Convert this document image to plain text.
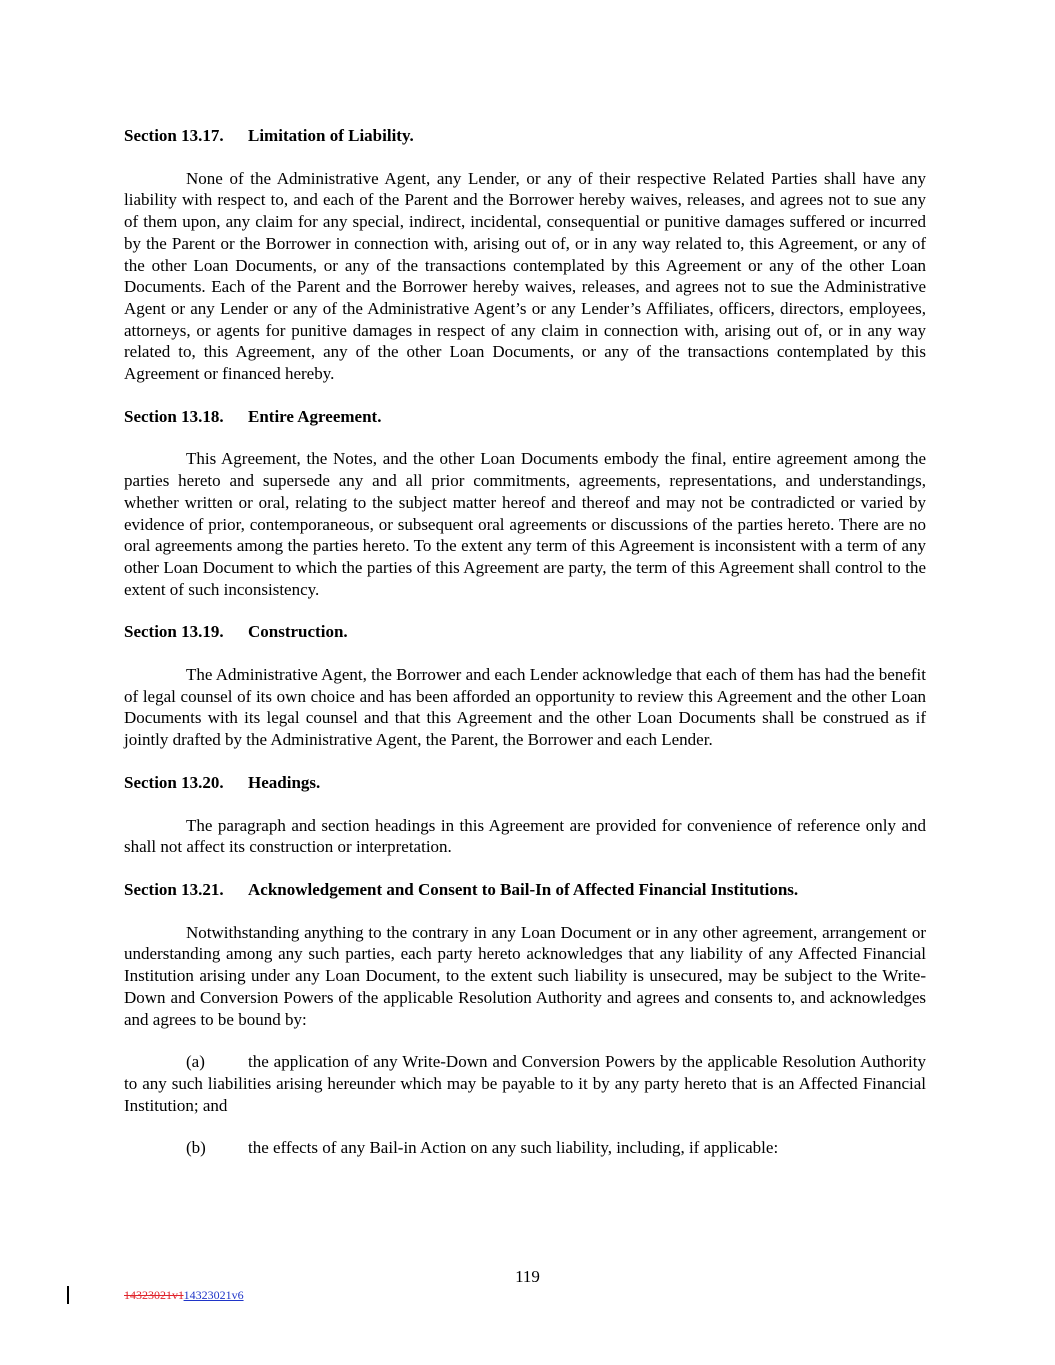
Section 13.17. Limitation of Liability.

None of the Administrative Agent, any Lender, or any of their respective Related Parties shall have any liability with respect to, and each of the Parent and the Borrower hereby waives, releases, and agrees not to sue any of them upon, any claim for any special, indirect, incidental, consequential or punitive damages suffered or incurred by the Parent or the Borrower in connection with, arising out of, or in any way related to, this Agreement, or any of the other Loan Documents, or any of the transactions contemplated by this Agreement or any of the other Loan Documents. Each of the Parent and the Borrower hereby waives, releases, and agrees not to sue the Administrative Agent or any Lender or any of the Administrative Agent’s or any Lender’s Affiliates, officers, directors, employees, attorneys, or agents for punitive damages in respect of any claim in connection with, arising out of, or in any way related to, this Agreement, any of the other Loan Documents, or any of the transactions contemplated by this Agreement or financed hereby.

Section 13.18. Entire Agreement.

This Agreement, the Notes, and the other Loan Documents embody the final, entire agreement among the parties hereto and supersede any and all prior commitments, agreements, representations, and understandings, whether written or oral, relating to the subject matter hereof and thereof and may not be contradicted or varied by evidence of prior, contemporaneous, or subsequent oral agreements or discussions of the parties hereto. There are no oral agreements among the parties hereto. To the extent any term of this Agreement is inconsistent with a term of any other Loan Document to which the parties of this Agreement are party, the term of this Agreement shall control to the extent of such inconsistency.

Section 13.19. Construction.

The Administrative Agent, the Borrower and each Lender acknowledge that each of them has had the benefit of legal counsel of its own choice and has been afforded an opportunity to review this Agreement and the other Loan Documents with its legal counsel and that this Agreement and the other Loan Documents shall be construed as if jointly drafted by the Administrative Agent, the Parent, the Borrower and each Lender.

Section 13.20. Headings.

The paragraph and section headings in this Agreement are provided for convenience of reference only and shall not affect its construction or interpretation.

Section 13.21. Acknowledgement and Consent to Bail-In of Affected Financial Institutions.

Notwithstanding anything to the contrary in any Loan Document or in any other agreement, arrangement or understanding among any such parties, each party hereto acknowledges that any liability of any Affected Financial Institution arising under any Loan Document, to the extent such liability is unsecured, may be subject to the Write-Down and Conversion Powers of the applicable Resolution Authority and agrees and consents to, and acknowledges and agrees to be bound by:

(a)	the application of any Write-Down and Conversion Powers by the applicable Resolution Authority to any such liabilities arising hereunder which may be payable to it by any party hereto that is an Affected Financial Institution; and

(b) the effects of any Bail-in Action on any such liability, including, if applicable:

119
14323021v114323021v6
